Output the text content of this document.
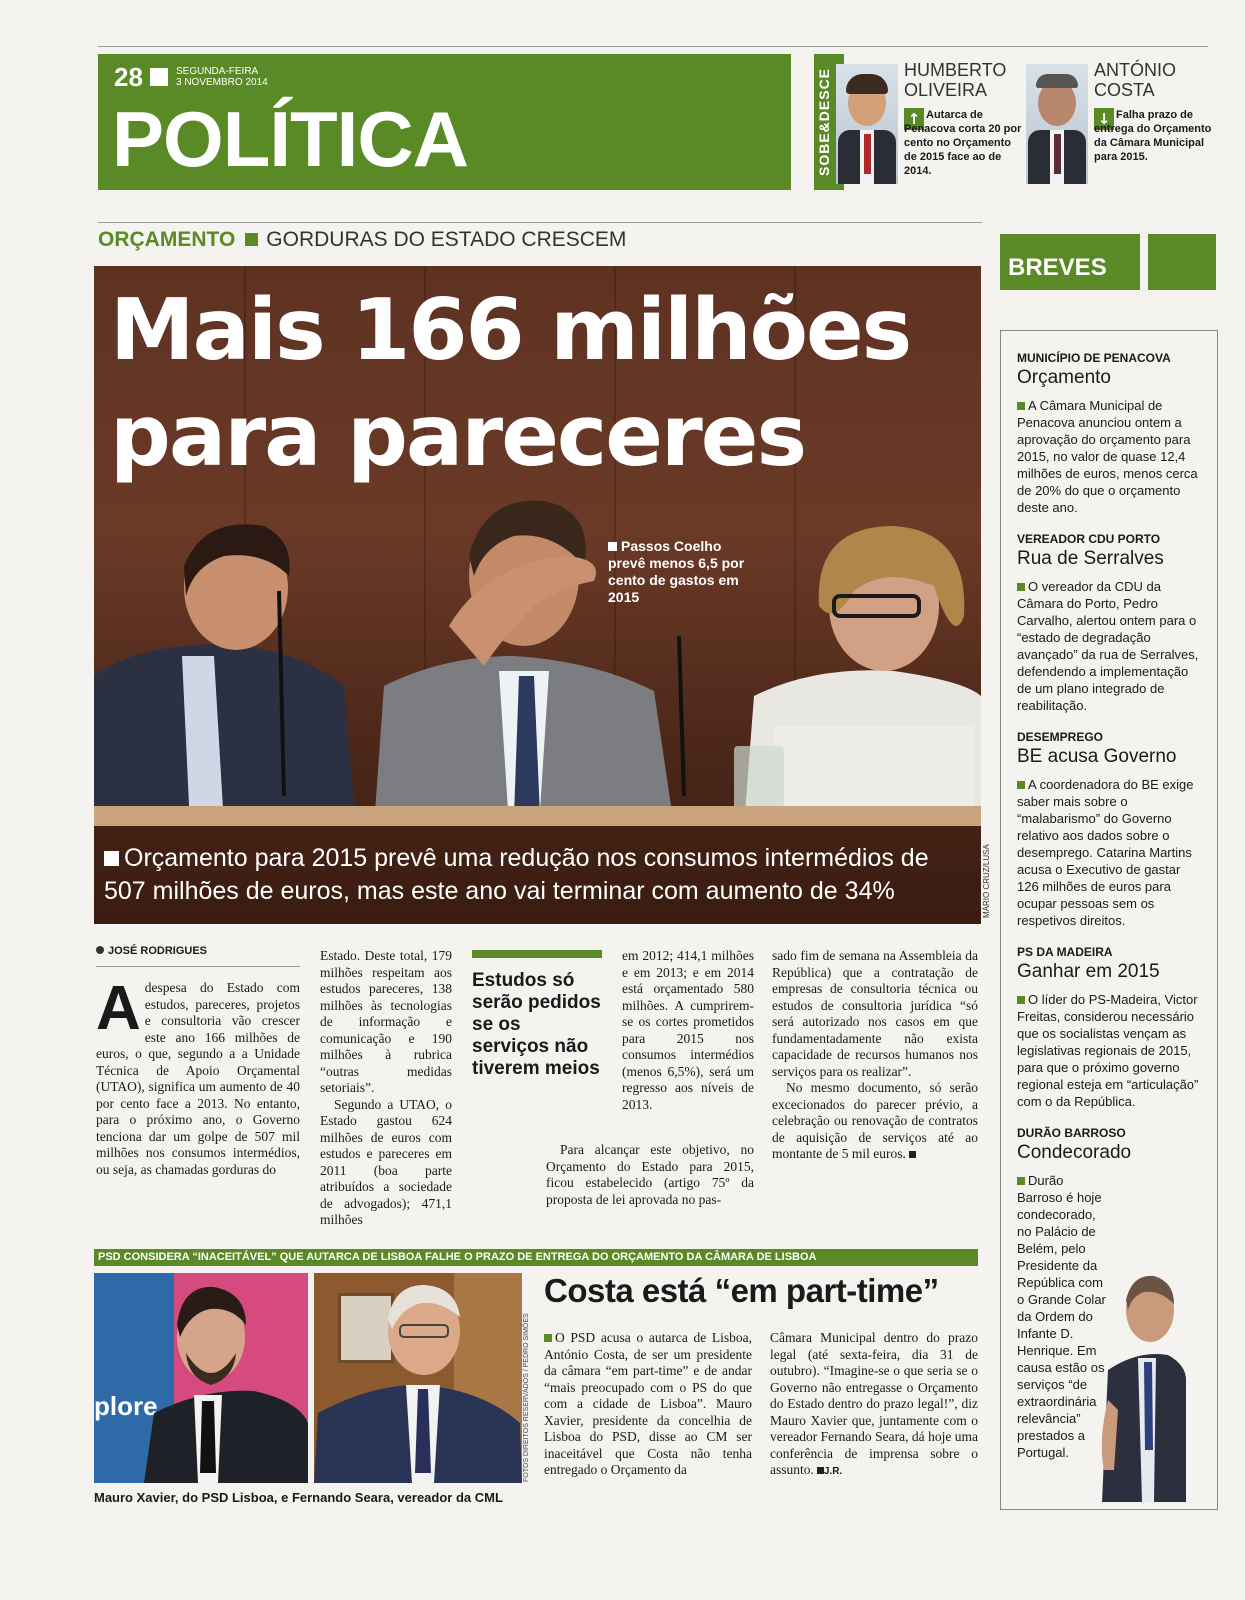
28	SEGUNDA-FEIRA
3 NOVEMBRO 2014
POLÍTICA	SOBE&DESCE	HUMBERTO
OLIVEIRA
↑ Autarca de Penacova corta 20 por cento no Orçamento de 2015 face ao de 2014.
ANTÓNIO
COSTA
↓ Falha prazo de entrega do Orçamento da Câmara Municipal para 2015.
ORÇAMENTO GORDURAS DO ESTADO CRESCEM
Mais 166 milhões
para pareceres
Passos Coelho prevê menos 6,5 por cento de gastos em 2015
Orçamento para 2015 prevê uma redução nos consumos intermédios de 507 milhões de euros, mas este ano vai terminar com aumento de 34%	MÁRIO CRUZ/LUSA
JOSÉ RODRIGUES
Adespesa do Estado com estudos, pareceres, projetos e consultoria vão crescer este ano 166 milhões de euros, o que, segundo a a Unidade Técnica de Apoio Orçamental (UTAO), significa um aumento de 40 por cento face a 2013. No entanto, para o próximo ano, o Governo tenciona dar um golpe de 507 mil milhões nos consumos intermédios, ou seja, as chamadas gorduras do

Estado. Deste total, 179 milhões respeitam aos estudos pareceres, 138 milhões às tecnologias de informação e comunicação e 190 milhões à rubrica “outras medidas setoriais”.

Segundo a UTAO, o Estado gastou 624 milhões de euros com estudos e pareceres em 2011 (boa parte atribuídos a sociedade de advogados); 471,1 milhões

Estudos só serão pedidos se os serviços não tiverem meios

em 2012; 414,1 milhões e em 2013; e em 2014 está orçamentado 580 milhões. A cumprirem-se os cortes prometidos para 2015 nos consumos intermédios (menos 6,5%), será um regresso aos níveis de 2013.

Para alcançar este objetivo, no Orçamento do Estado para 2015, ficou estabelecido (artigo 75º da proposta de lei aprovada no pas-

sado fim de semana na Assembleia da República) que a contratação de empresas de consultoria técnica ou estudos de consultoria jurídica “só será autorizado nos casos em que fundamentadamente não exista capacidade de recursos humanos nos serviços para os realizar”.

No mesmo documento, só serão excecionados do parecer prévio, a celebração ou renovação de contratos de aquisição de serviços até ao montante de 5 mil euros.

BREVES
MUNICÍPIO DE PENACOVA
Orçamento
A Câmara Municipal de Penacova anunciou ontem a aprovação do orçamento para 2015, no valor de quase 12,4 milhões de euros, menos cerca de 20% do que o orçamento deste ano.
VEREADOR CDU PORTO
Rua de Serralves
O vereador da CDU da Câmara do Porto, Pedro Carvalho, alertou ontem para o “estado de degradação avançado” da rua de Serralves, defendendo a implementação de um plano integrado de reabilitação.
DESEMPREGO
BE acusa Governo
A coordenadora do BE exige saber mais sobre o “malabarismo” do Governo relativo aos dados sobre o desemprego. Catarina Martins acusa o Executivo de gastar 126 milhões de euros para ocupar pessoas sem os respetivos direitos.
PS DA MADEIRA
Ganhar em 2015
O líder do PS-Madeira, Victor Freitas, considerou necessário que os socialistas vençam as legislativas regionais de 2015, para que o próximo governo regional esteja em “articulação” com o da República.
DURÃO BARROSO
Condecorado
Durão Barroso é hoje condecorado, no Palácio de Belém, pelo Presidente da República com o Grande Colar da Ordem do Infante D. Henrique. Em causa estão os serviços “de extraordinária relevância” prestados a Portugal.
PSD CONSIDERA “INACEITÁVEL” QUE AUTARCA DE LISBOA FALHE O PRAZO DE ENTREGA DO ORÇAMENTO DA CÂMARA DE LISBOA
plore	FOTOS DIREITOS RESERVADOS / PEDRO SIMÕES
Mauro Xavier, do PSD Lisboa, e Fernando Seara, vereador da CML
Costa está “em part-time”
O PSD acusa o autarca de Lisboa, António Costa, de ser um presidente da câmara “em part-time” e de andar “mais preocupado com o PS do que com a cidade de Lisboa”. Mauro Xavier, presidente da concelhia de Lisboa do PSD, disse ao CM ser inaceitável que Costa não tenha entregado o Orçamento da
Câmara Municipal dentro do prazo legal (até sexta-feira, dia 31 de outubro). “Imagine-se o que seria se o Governo não entregasse o Orçamento do Estado dentro do prazo legal!”, diz Mauro Xavier que, juntamente com o vereador Fernando Seara, dá hoje uma conferência de imprensa sobre o assunto. J.R.
